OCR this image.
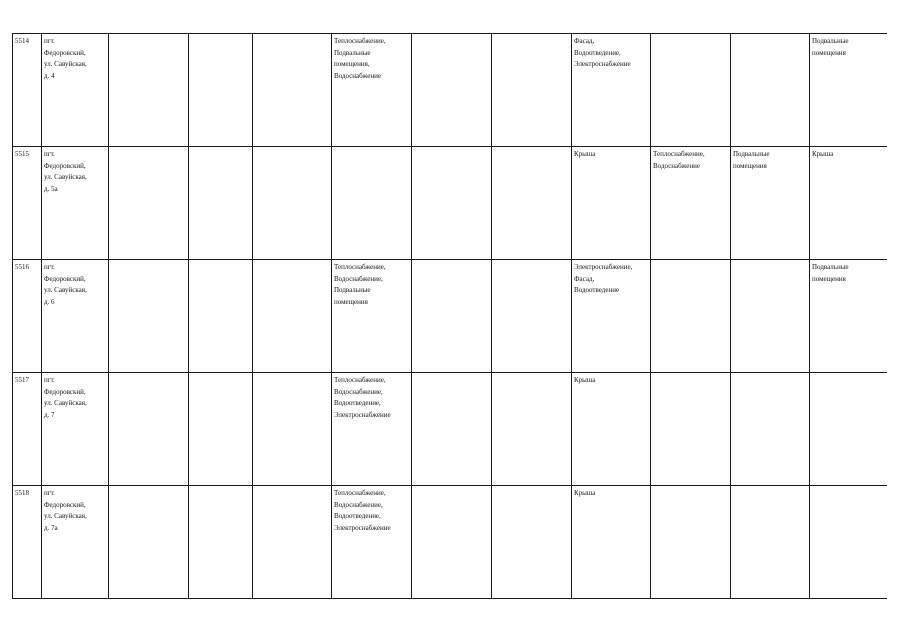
5514	пгт.
Федоровский,
ул. Савуйская,
д. 4				Теплоснабжение,
Подвальные
помещения,
Водоснабжение			Фасад,
Водоотведение,
Электроснабжение			Подвальные
помещения

5515	пгт.
Федоровский,
ул. Савуйская,
д. 5а							Крыша	Теплоснабжение,
Водоснабжение	Подвальные
помещения	Крыша

5516	пгт.
Федоровский,
ул. Савуйская,
д. 6				Теплоснабжение,
Водоснабжение,
Подвальные
помещения			Электроснабжение,
Фасад,
Водоотведение			Подвальные
помещения

5517	пгт.
Федоровский,
ул. Савуйская,
д. 7				Теплоснабжение,
Водоснабжение,
Водоотведение,
Электроснабжение			Крыша			

5518	пгт.
Федоровский,
ул. Савуйская,
д. 7а				Теплоснабжение,
Водоснабжение,
Водоотведение,
Электроснабжение			Крыша			
